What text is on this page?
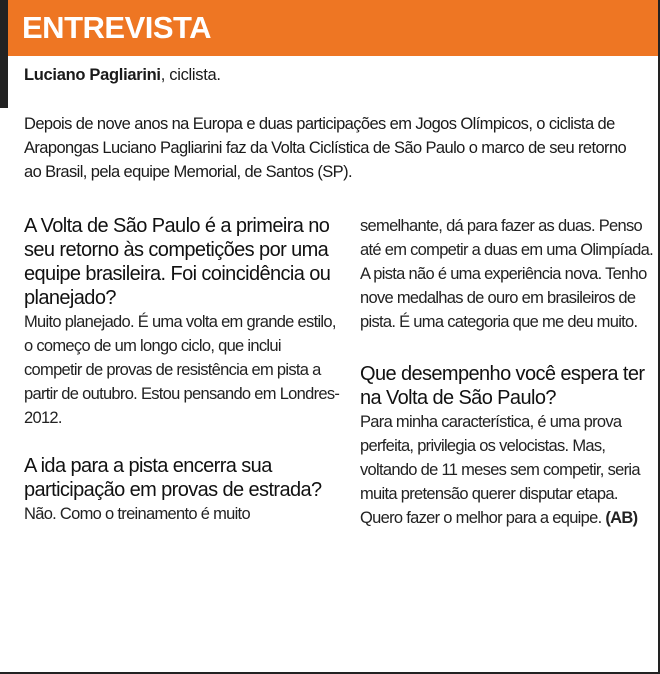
ENTREVISTA
Luciano Pagliarini, ciclista.
Depois de nove anos na Europa e duas participações em Jogos Olímpicos, o ciclista de Arapongas Luciano Pagliarini faz da Volta Ciclística de São Paulo o marco de seu retorno ao Brasil, pela equipe Memorial, de Santos (SP).

A Volta de São Paulo é a primeira no seu retorno às competições por uma equipe brasileira. Foi coincidência ou planejado?

Muito planejado. É uma volta em grande estilo, o começo de um longo ciclo, que inclui competir de provas de resistência em pista a partir de outubro. Estou pensando em Londres-2012.

A ida para a pista encerra sua participação em provas de estrada?

Não. Como o treinamento é muito

semelhante, dá para fazer as duas. Penso até em competir a duas em uma Olimpíada. A pista não é uma experiência nova. Tenho nove medalhas de ouro em brasileiros de pista. É uma categoria que me deu muito.

Que desempenho você espera ter na Volta de São Paulo?

Para minha característica, é uma prova perfeita, privilegia os velocistas. Mas, voltando de 11 meses sem competir, seria muita pretensão querer disputar etapa. Quero fazer o melhor para a equipe. (AB)
